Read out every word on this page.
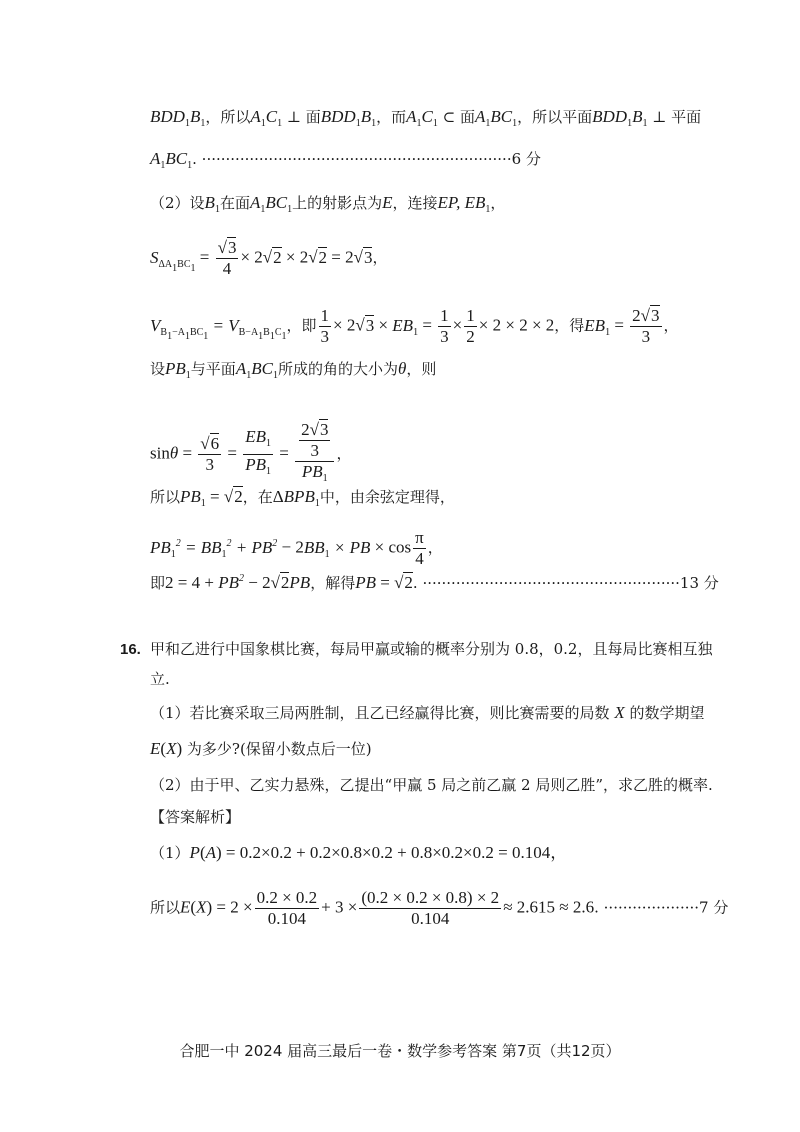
$BDD_1B_1$，所以$A_1C_1$ ⊥ 面$BDD_1B_1$，而$A_1C_1$ ⊂ 面$A_1BC_1$，所以平面$BDD_1B_1$ ⊥ 平面
$A_1BC_1$. ·································································6 分
（2）设$B_1$在面$A_1BC_1$上的射影点为E，连接EP, $EB_1$，
$S_{\Delta A_1BC_1} = \frac{√3}{4} \times 2√2 \times 2√2 = 2√3$，
$V_{B_1-A_1BC_1} = V_{B-A_1B_1C_1}$，即 $\frac{1}{3} \times 2√3 \times EB_1 = \frac{1}{3} \times \frac{1}{2} \times 2 \times 2 \times 2$，得$EB_1 = \frac{2√3}{3}$ ，
设$PB_1$与平面$A_1BC_1$所成的角的大小为θ，则
$\sin\theta = \frac{√6}{3} = \frac{EB_1}{PB_1} = \frac{\frac{2√3}{3}}{PB_1}$ ，
所以$PB_1 = √2$，在$\Delta BPB_1$中，由余弦定理得，
$PB_1^2 = BB_1^2 + PB^2 - 2BB_1$ × PB × $\cos \frac{\pi}{4}$ ，
即$2 = 4 + PB^2 - 2√2PB$，解得PB = √2. ······················································13 分
16. 甲和乙进行中国象棋比赛，每局甲赢或输的概率分别为 0.8，0.2，且每局比赛相互独
立.
（1）若比赛采取三局两胜制，且乙已经赢得比赛，则比赛需要的局数 X 的数学期望
E(X) 为多少?(保留小数点后一位)
（2）由于甲、乙实力悬殊，乙提出“甲赢 5 局之前乙赢 2 局则乙胜”，求乙胜的概率.
【答案解析】
（1）P(A) = 0.2×0.2 + 0.2×0.8×0.2 + 0.8×0.2×0.2 = 0.104，
所以$E(X) = 2 \times \frac{0.2 \times 0.2}{0.104} + 3 \times \frac{(0.2 \times 0.2 \times 0.8) \times 2}{0.104} \approx 2.615 \approx 2.6$. ····················7 分
合肥一中 2024 届高三最后一卷・数学参考答案 第7页（共12页）
